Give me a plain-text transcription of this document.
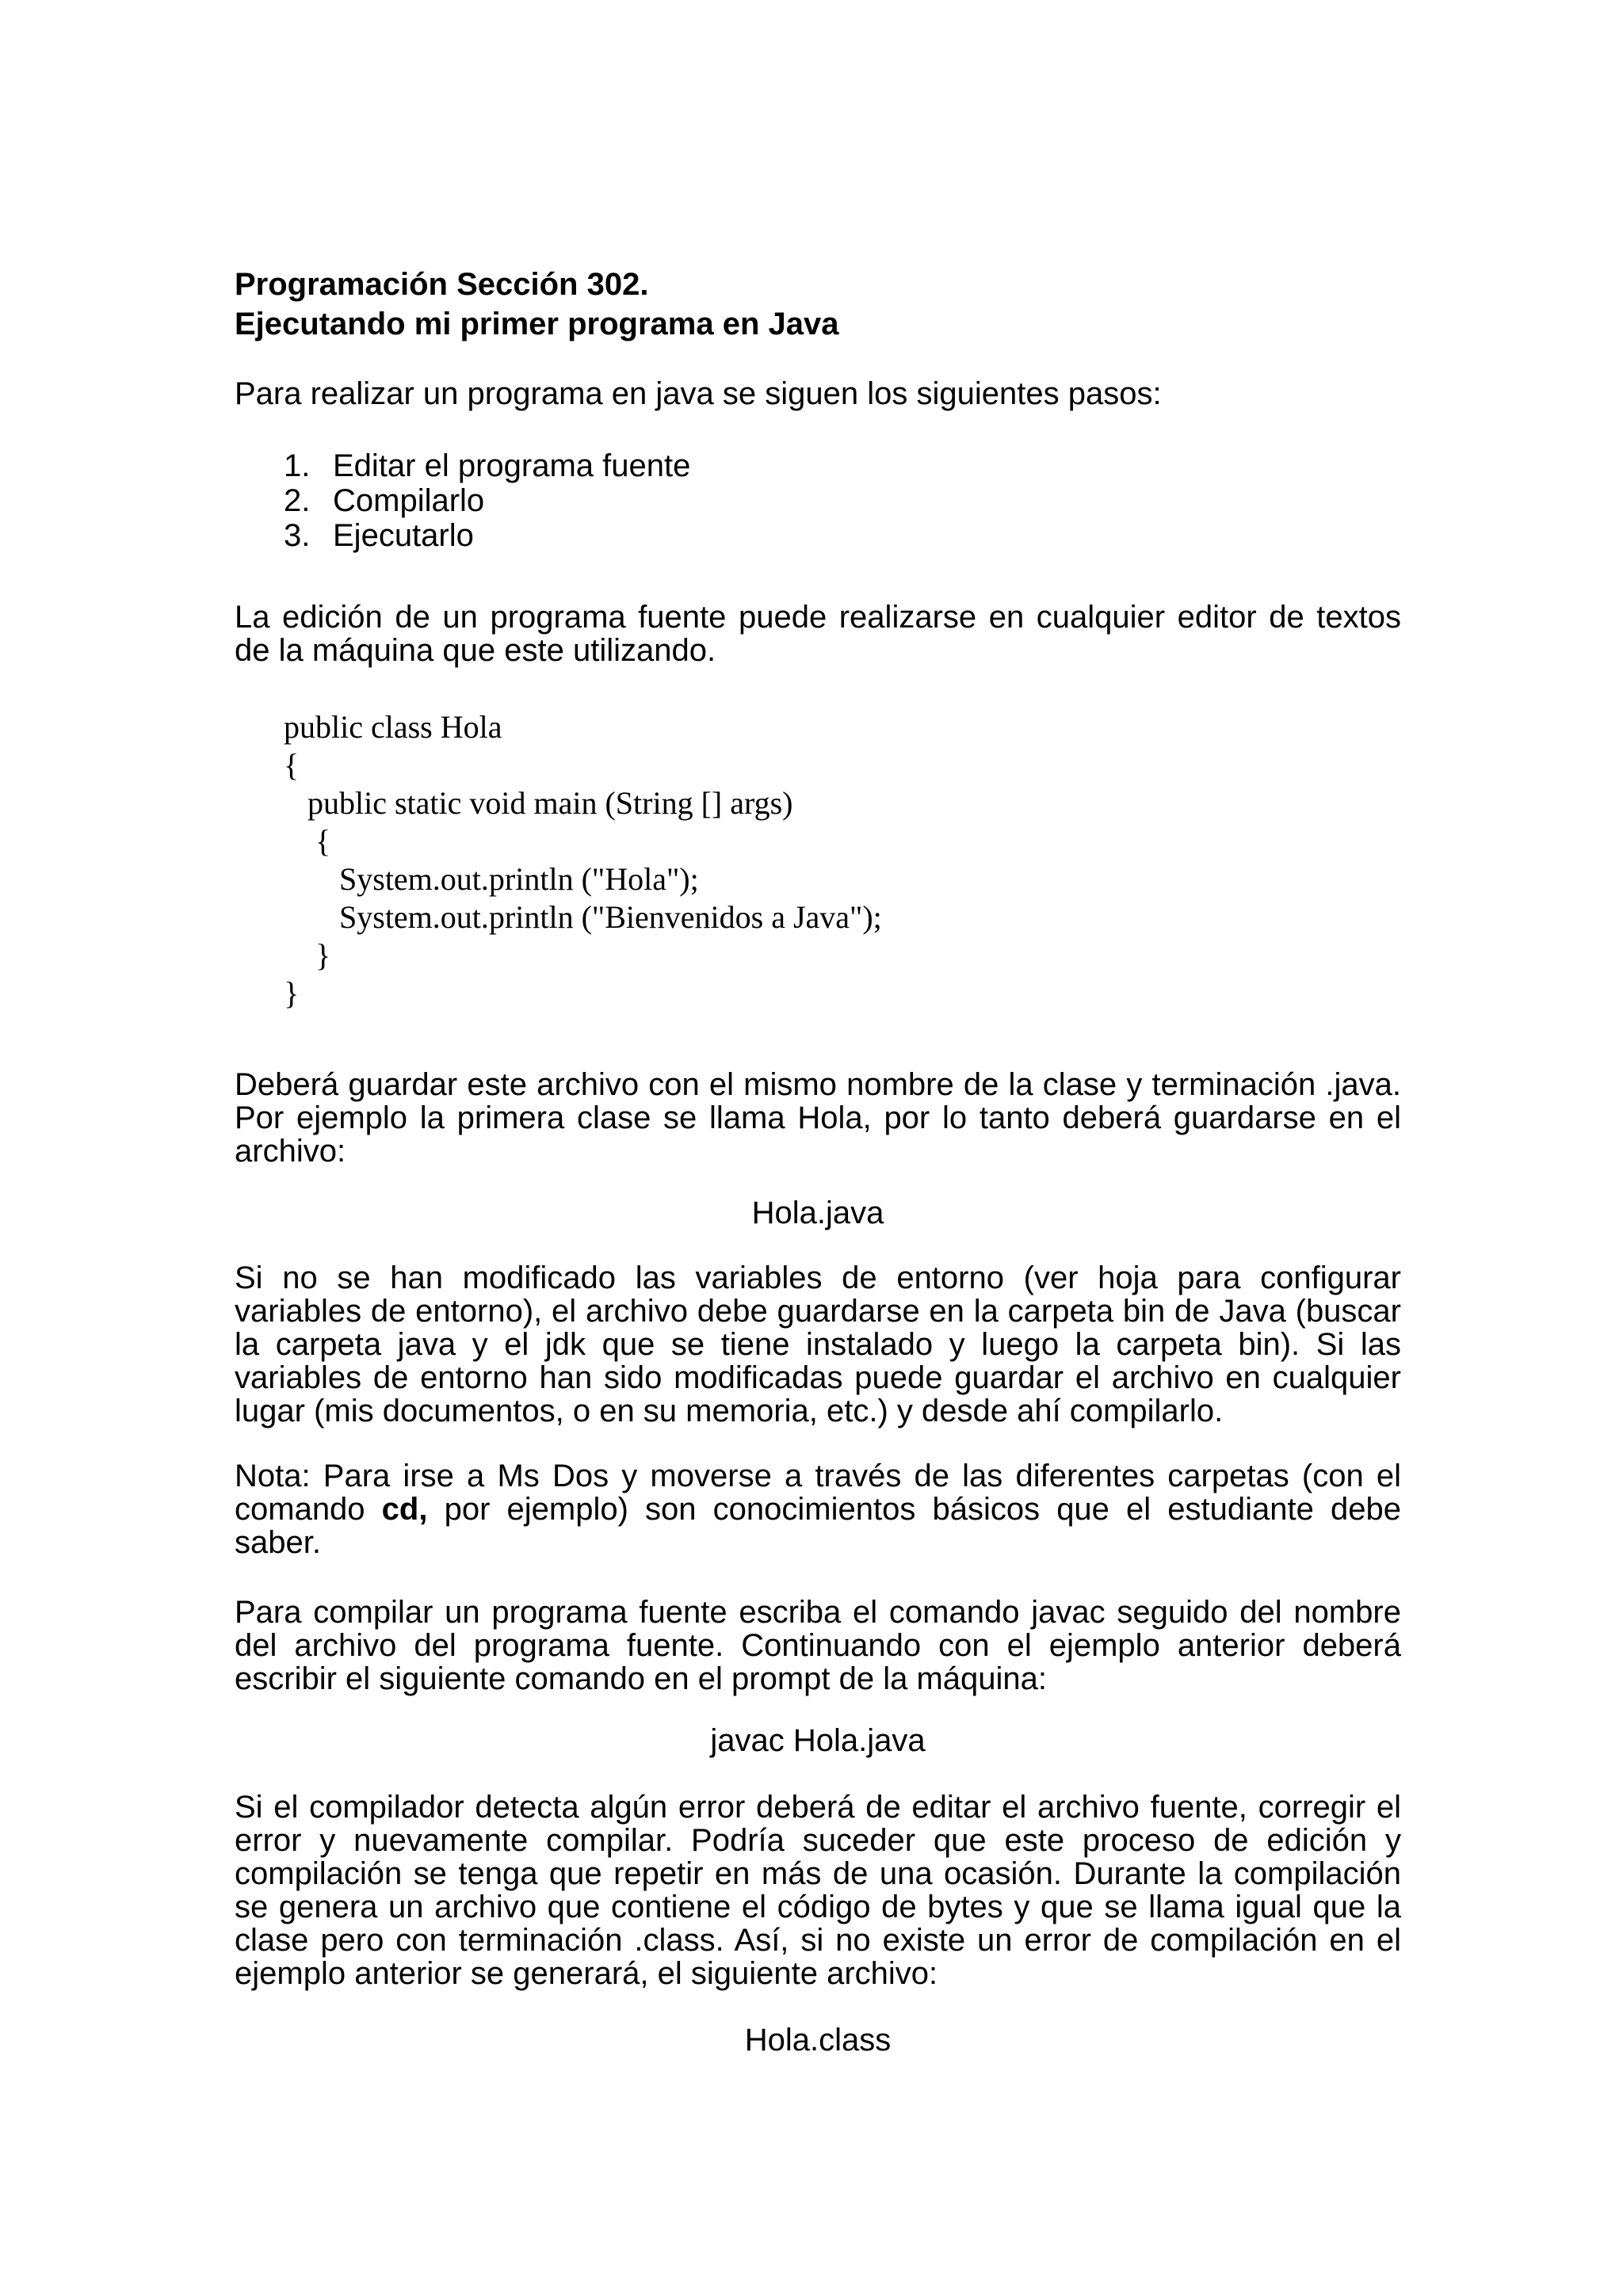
Programación Sección 302.

Ejecutando mi primer programa en Java

Para realizar un programa en java se siguen los siguientes pasos:

1. Editar el programa fuente
2. Compilarlo
3. Ejecutarlo

La edición de un programa fuente puede realizarse en cualquier editor de textos de la máquina que este utilizando.

public class Hola
{
public static void main (String [] args)
{
System.out.println ("Hola");
System.out.println ("Bienvenidos a Java");
}
}

Deberá guardar este archivo con el mismo nombre de la clase y terminación .java. Por ejemplo la primera clase se llama Hola, por lo tanto deberá guardarse en el archivo:

Hola.java

Si no se han modificado las variables de entorno (ver hoja para configurar variables de entorno), el archivo debe guardarse en la carpeta bin de Java (buscar la carpeta java y el jdk que se tiene instalado y luego la carpeta bin). Si las variables de entorno han sido modificadas puede guardar el archivo en cualquier lugar (mis documentos, o en su memoria, etc.) y desde ahí compilarlo.

Nota: Para irse a Ms Dos y moverse a través de las diferentes carpetas (con el comando cd, por ejemplo) son conocimientos básicos que el estudiante debe saber.

Para compilar un programa fuente escriba el comando javac seguido del nombre del archivo del programa fuente. Continuando con el ejemplo anterior deberá escribir el siguiente comando en el prompt de la máquina:

javac Hola.java

Si el compilador detecta algún error deberá de editar el archivo fuente, corregir el error y nuevamente compilar. Podría suceder que este proceso de edición y compilación se tenga que repetir en más de una ocasión. Durante la compilación se genera un archivo que contiene el código de bytes y que se llama igual que la clase pero con terminación .class. Así, si no existe un error de compilación en el ejemplo anterior se generará, el siguiente archivo:

Hola.class
